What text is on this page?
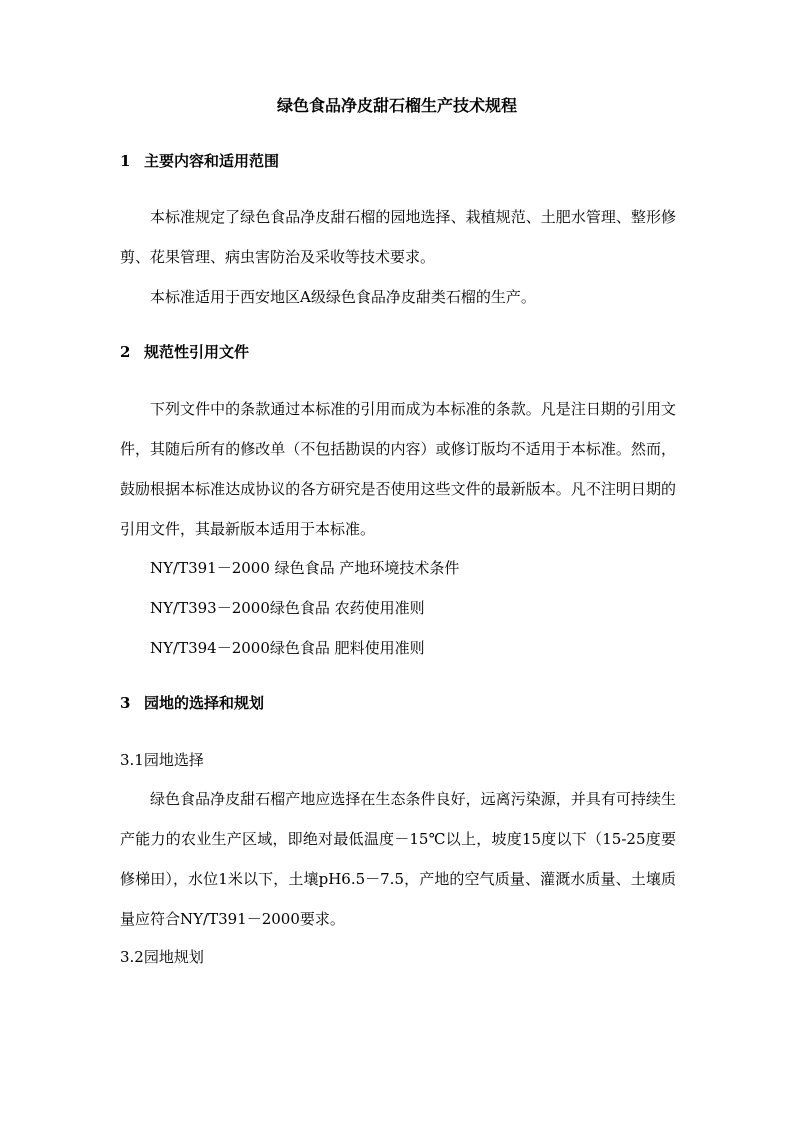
绿色食品净皮甜石榴生产技术规程
1 主要内容和适用范围

本标准规定了绿色食品净皮甜石榴的园地选择、栽植规范、土肥水管理、整形修剪、花果管理、病虫害防治及采收等技术要求。

本标准适用于西安地区A级绿色食品净皮甜类石榴的生产。

2 规范性引用文件

下列文件中的条款通过本标准的引用而成为本标准的条款。凡是注日期的引用文件，其随后所有的修改单（不包括勘误的内容）或修订版均不适用于本标准。然而，鼓励根据本标准达成协议的各方研究是否使用这些文件的最新版本。凡不注明日期的引用文件，其最新版本适用于本标准。

NY/T391－2000 绿色食品 产地环境技术条件

NY/T393－2000绿色食品 农药使用准则

NY/T394－2000绿色食品 肥料使用准则

3 园地的选择和规划

3.1园地选择

绿色食品净皮甜石榴产地应选择在生态条件良好，远离污染源，并具有可持续生产能力的农业生产区域，即绝对最低温度－15℃以上，坡度15度以下（15-25度要修梯田），水位1米以下，土壤pH6.5－7.5，产地的空气质量、灌溉水质量、土壤质量应符合NY/T391－2000要求。

3.2园地规划
